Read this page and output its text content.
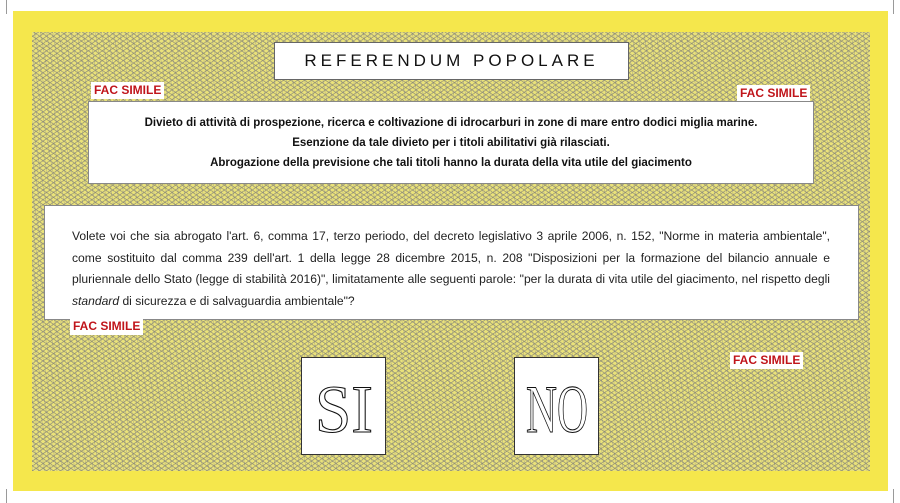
REFERENDUM POPOLARE
FAC SIMILE	FAC SIMILE
Divieto di attività di prospezione, ricerca e coltivazione di idrocarburi in zone di mare entro dodici miglia marine.
Esenzione da tale divieto per i titoli abilitativi già rilasciati.
Abrogazione della previsione che tali titoli hanno la durata della vita utile del giacimento
Volete voi che sia abrogato l'art. 6, comma 17, terzo periodo, del decreto legislativo 3 aprile 2006, n. 152, "Norme in materia ambientale", come sostituito dal comma 239 dell'art. 1 della legge 28 dicembre 2015, n. 208 "Disposizioni per la formazione del bilancio annuale e pluriennale dello Stato (legge di stabilità 2016)", limitatamente alle seguenti parole: "per la durata di vita utile del giacimento, nel rispetto degli standard di sicurezza e di salvaguardia ambientale"?
FAC SIMILE
FAC SIMILE
SI NO
